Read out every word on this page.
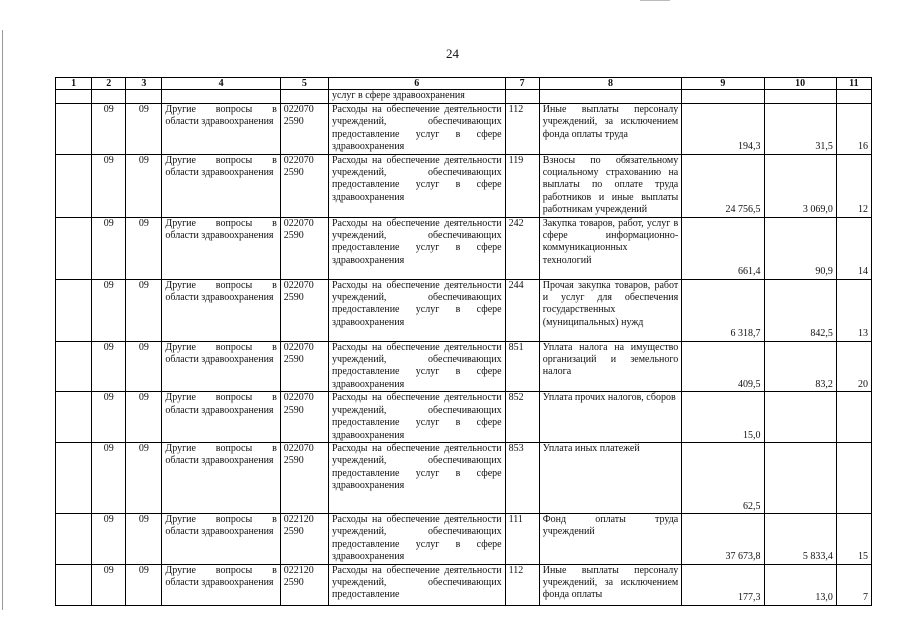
24
1	2	3	4	5	6	7	8	9	10	11
					услуг в сфере здравоохранения					
	09	09	Другие вопросы в области здравоохранения	022070 2590	Расходы на обеспечение деятельности учреждений, обеспечивающих предоставление услуг в сфере здравоохранения	112	Иные выплаты персоналу учреждений, за исключением фонда оплаты труда	194,3	31,5	16
	09	09	Другие вопросы в области здравоохранения	022070 2590	Расходы на обеспечение деятельности учреждений, обеспечивающих предоставление услуг в сфере здравоохранения	119	Взносы по обязательному социальному страхованию на выплаты по оплате труда работников и иные выплаты работникам учреждений	24 756,5	3 069,0	12
	09	09	Другие вопросы в области здравоохранения	022070 2590	Расходы на обеспечение деятельности учреждений, обеспечивающих предоставление услуг в сфере здравоохранения	242	Закупка товаров, работ, услуг в сфере информационно-коммуникационных технологий	661,4	90,9	14
	09	09	Другие вопросы в области здравоохранения	022070 2590	Расходы на обеспечение деятельности учреждений, обеспечивающих предоставление услуг в сфере здравоохранения	244	Прочая закупка товаров, работ и услуг для обеспечения государственных (муниципальных) нужд	6 318,7	842,5	13
	09	09	Другие вопросы в области здравоохранения	022070 2590	Расходы на обеспечение деятельности учреждений, обеспечивающих предоставление услуг в сфере здравоохранения	851	Уплата налога на имущество организаций и земельного налога	409,5	83,2	20
	09	09	Другие вопросы в области здравоохранения	022070 2590	Расходы на обеспечение деятельности учреждений, обеспечивающих предоставление услуг в сфере здравоохранения	852	Уплата прочих налогов, сборов	15,0		
	09	09	Другие вопросы в области здравоохранения	022070 2590	Расходы на обеспечение деятельности учреждений, обеспечивающих предоставление услуг в сфере здравоохранения	853	Уплата иных платежей	62,5		
	09	09	Другие вопросы в области здравоохранения	022120 2590	Расходы на обеспечение деятельности учреждений, обеспечивающих предоставление услуг в сфере здравоохранения	111	Фонд оплаты труда учреждений	37 673,8	5 833,4	15
	09	09	Другие вопросы в области здравоохранения	022120 2590	Расходы на обеспечение деятельности учреждений, обеспечивающих предоставление	112	Иные выплаты персоналу учреждений, за исключением фонда оплаты	177,3	13,0	7
